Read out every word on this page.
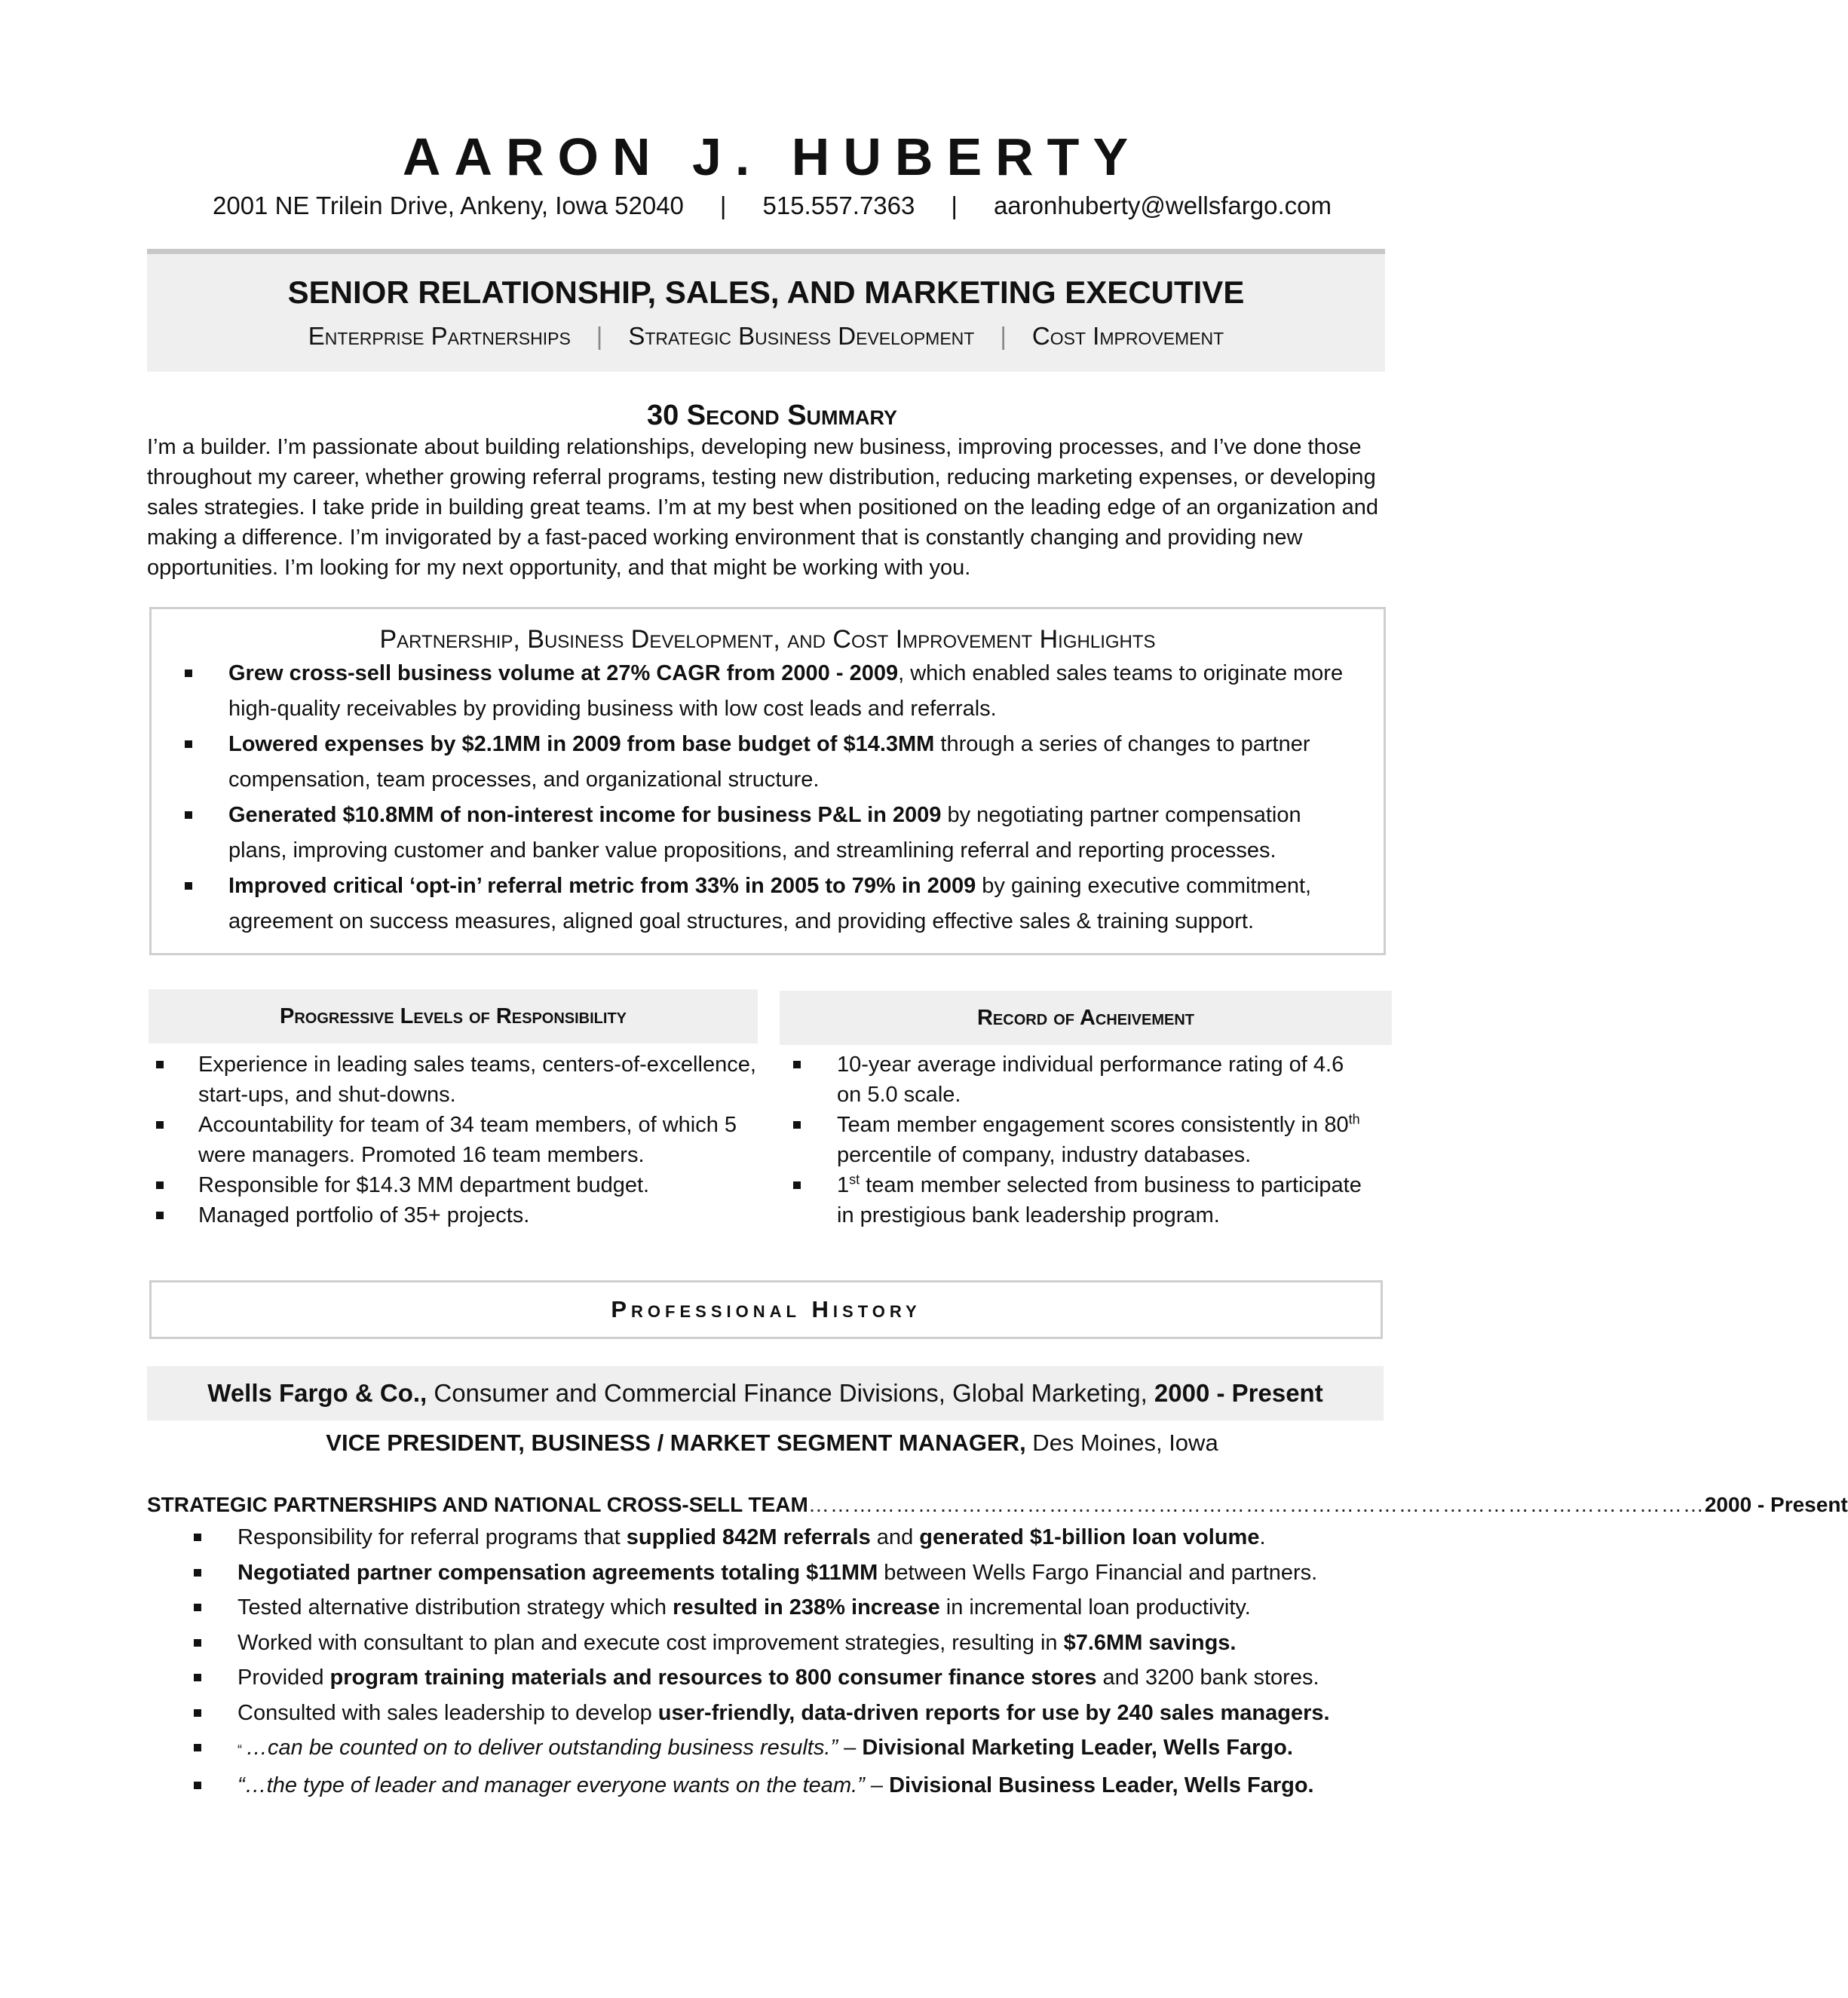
AARON J. HUBERTY
2001 NE Trilein Drive, Ankeny, Iowa 52040 | 515.557.7363 | aaronhuberty@wellsfargo.com
SENIOR RELATIONSHIP, SALES, AND MARKETING EXECUTIVE
Enterprise Partnerships | Strategic Business Development | Cost Improvement
30 Second Summary
I’m a builder. I’m passionate about building relationships, developing new business, improving processes, and I’ve done those throughout my career, whether growing referral programs, testing new distribution, reducing marketing expenses, or developing sales strategies. I take pride in building great teams. I’m at my best when positioned on the leading edge of an organization and making a difference. I’m invigorated by a fast-paced working environment that is constantly changing and providing new opportunities. I’m looking for my next opportunity, and that might be working with you.
Partnership, Business Development, and Cost Improvement Highlights
Grew cross-sell business volume at 27% CAGR from 2000 - 2009, which enabled sales teams to originate more high-quality receivables by providing business with low cost leads and referrals.
Lowered expenses by $2.1MM in 2009 from base budget of $14.3MM through a series of changes to partner compensation, team processes, and organizational structure.
Generated $10.8MM of non-interest income for business P&L in 2009 by negotiating partner compensation plans, improving customer and banker value propositions, and streamlining referral and reporting processes.
Improved critical ‘opt-in’ referral metric from 33% in 2005 to 79% in 2009 by gaining executive commitment, agreement on success measures, aligned goal structures, and providing effective sales & training support.
Progressive Levels of Responsibility
Experience in leading sales teams, centers-of-excellence, start-ups, and shut-downs.
Accountability for team of 34 team members, of which 5 were managers. Promoted 16 team members.
Responsible for $14.3 MM department budget.
Managed portfolio of 35+ projects.
Record of Acheivement
10-year average individual performance rating of 4.6 on 5.0 scale.
Team member engagement scores consistently in 80th percentile of company, industry databases.
1st team member selected from business to participate in prestigious bank leadership program.
Professional History
Wells Fargo & Co., Consumer and Commercial Finance Divisions, Global Marketing, 2000 - Present
VICE PRESIDENT, BUSINESS / MARKET SEGMENT MANAGER, Des Moines, Iowa
STRATEGIC PARTNERSHIPS AND NATIONAL CROSS-SELL TEAM …………………………………………………………………………………………………………… 2000 - Present
Responsibility for referral programs that supplied 842M referrals and generated $1-billion loan volume.
Negotiated partner compensation agreements totaling $11MM between Wells Fargo Financial and partners.
Tested alternative distribution strategy which resulted in 238% increase in incremental loan productivity.
Worked with consultant to plan and execute cost improvement strategies, resulting in $7.6MM savings.
Provided program training materials and resources to 800 consumer finance stores and 3200 bank stores.
Consulted with sales leadership to develop user-friendly, data-driven reports for use by 240 sales managers.
“ …can be counted on to deliver outstanding business results.” – Divisional Marketing Leader, Wells Fargo.
“…the type of leader and manager everyone wants on the team.” – Divisional Business Leader, Wells Fargo.
